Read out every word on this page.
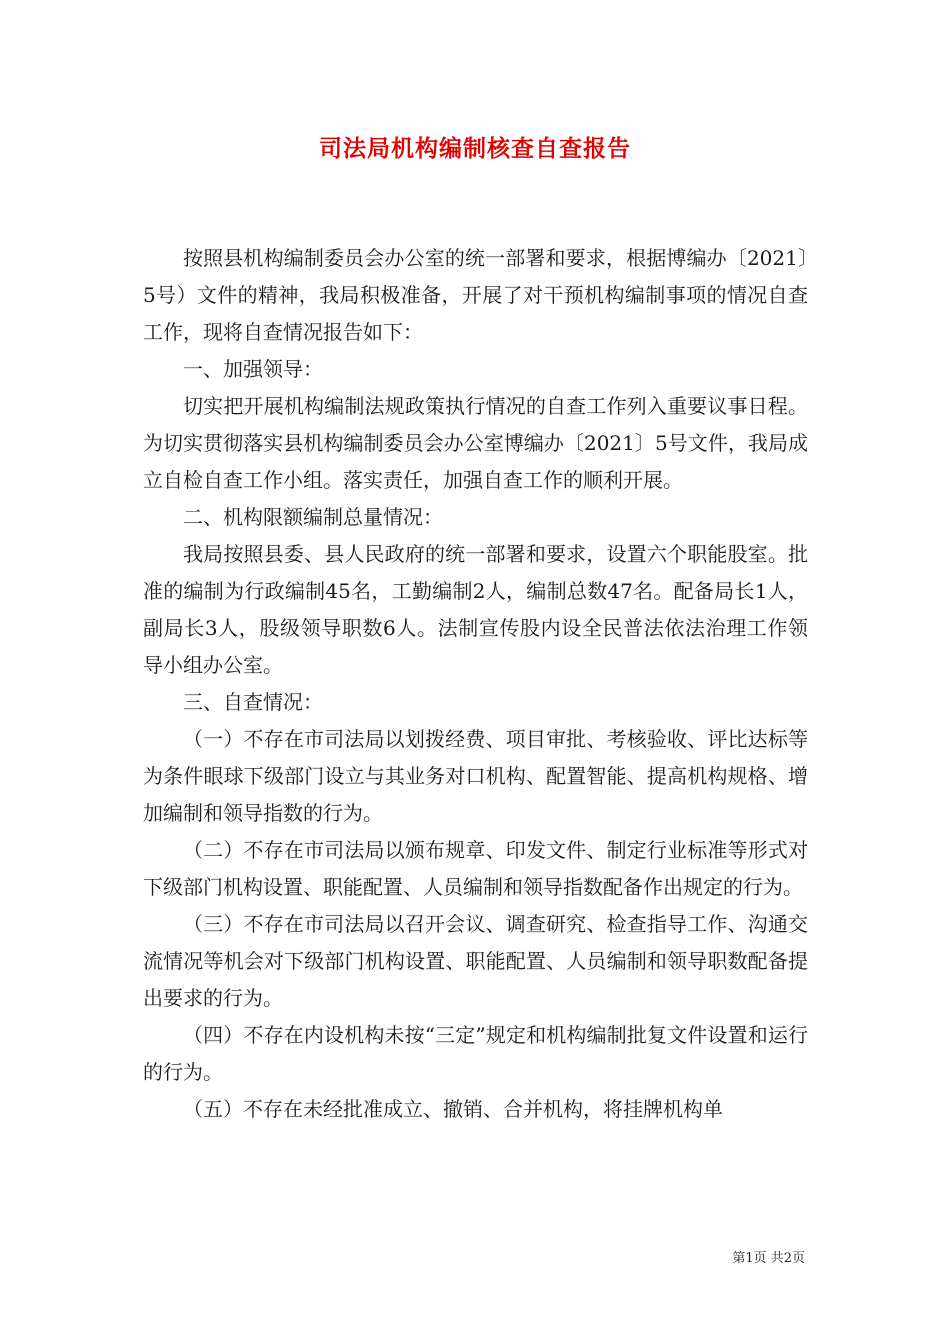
司法局机构编制核查自查报告

按照县机构编制委员会办公室的统一部署和要求，根据博编办〔2021〕5号）文件的精神，我局积极准备，开展了对干预机构编制事项的情况自查工作，现将自查情况报告如下：

一、加强领导：

切实把开展机构编制法规政策执行情况的自查工作列入重要议事日程。为切实贯彻落实县机构编制委员会办公室博编办〔2021〕5号文件，我局成立自检自查工作小组。落实责任，加强自查工作的顺利开展。

二、机构限额编制总量情况：

我局按照县委、县人民政府的统一部署和要求，设置六个职能股室。批准的编制为行政编制45名，工勤编制2人，编制总数47名。配备局长1人，副局长3人，股级领导职数6人。法制宣传股内设全民普法依法治理工作领导小组办公室。

三、自查情况：

（一）不存在市司法局以划拨经费、项目审批、考核验收、评比达标等为条件眼球下级部门设立与其业务对口机构、配置智能、提高机构规格、增加编制和领导指数的行为。

（二）不存在市司法局以颁布规章、印发文件、制定行业标准等形式对下级部门机构设置、职能配置、人员编制和领导指数配备作出规定的行为。

（三）不存在市司法局以召开会议、调查研究、检查指导工作、沟通交流情况等机会对下级部门机构设置、职能配置、人员编制和领导职数配备提出要求的行为。

（四）不存在内设机构未按“三定”规定和机构编制批复文件设置和运行的行为。

（五）不存在未经批准成立、撤销、合并机构，将挂牌机构单

第1页 共2页
